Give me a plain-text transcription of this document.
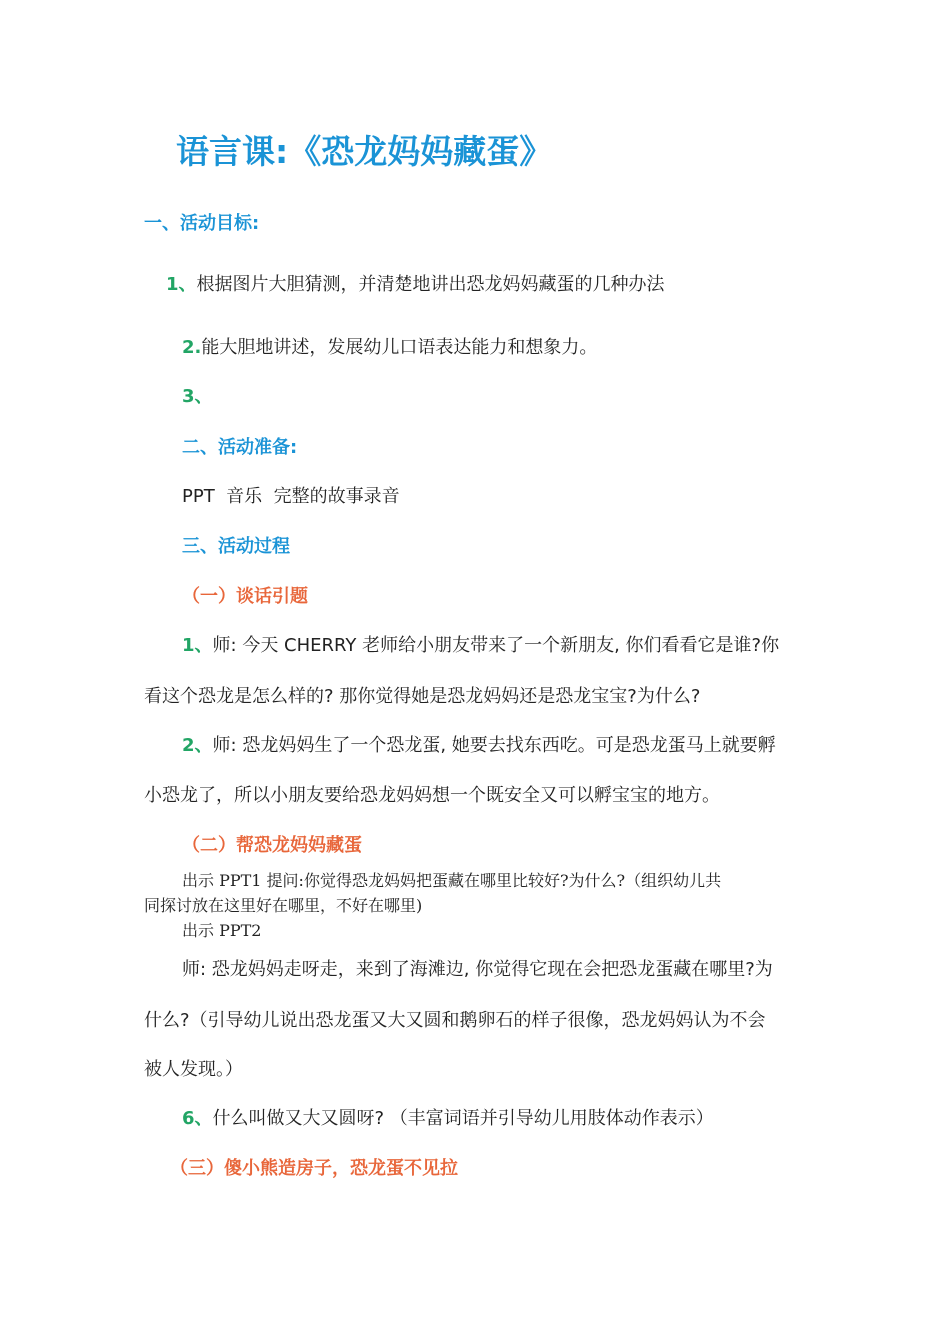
语言课:《恐龙妈妈藏蛋》
一、活动目标:
1、根据图片大胆猜测，并清楚地讲出恐龙妈妈藏蛋的几种办法
2.能大胆地讲述，发展幼儿口语表达能力和想象力。
3、
二、活动准备:
PPT  音乐  完整的故事录音
三、活动过程
（一）谈话引题
1、师: 今天 CHERRY 老师给小朋友带来了一个新朋友, 你们看看它是谁?你
看这个恐龙是怎么样的? 那你觉得她是恐龙妈妈还是恐龙宝宝?为什么?
2、师: 恐龙妈妈生了一个恐龙蛋, 她要去找东西吃。可是恐龙蛋马上就要孵
小恐龙了，所以小朋友要给恐龙妈妈想一个既安全又可以孵宝宝的地方。
（二）帮恐龙妈妈藏蛋
出示 PPT1 提问:你觉得恐龙妈妈把蛋藏在哪里比较好?为什么?（组织幼儿共
同探讨放在这里好在哪里，不好在哪里)
出示 PPT2
师: 恐龙妈妈走呀走，来到了海滩边, 你觉得它现在会把恐龙蛋藏在哪里?为
什么?（引导幼儿说出恐龙蛋又大又圆和鹅卵石的样子很像，恐龙妈妈认为不会
被人发现。）
6、什么叫做又大又圆呀? （丰富词语并引导幼儿用肢体动作表示）
（三）傻小熊造房子，恐龙蛋不见拉
